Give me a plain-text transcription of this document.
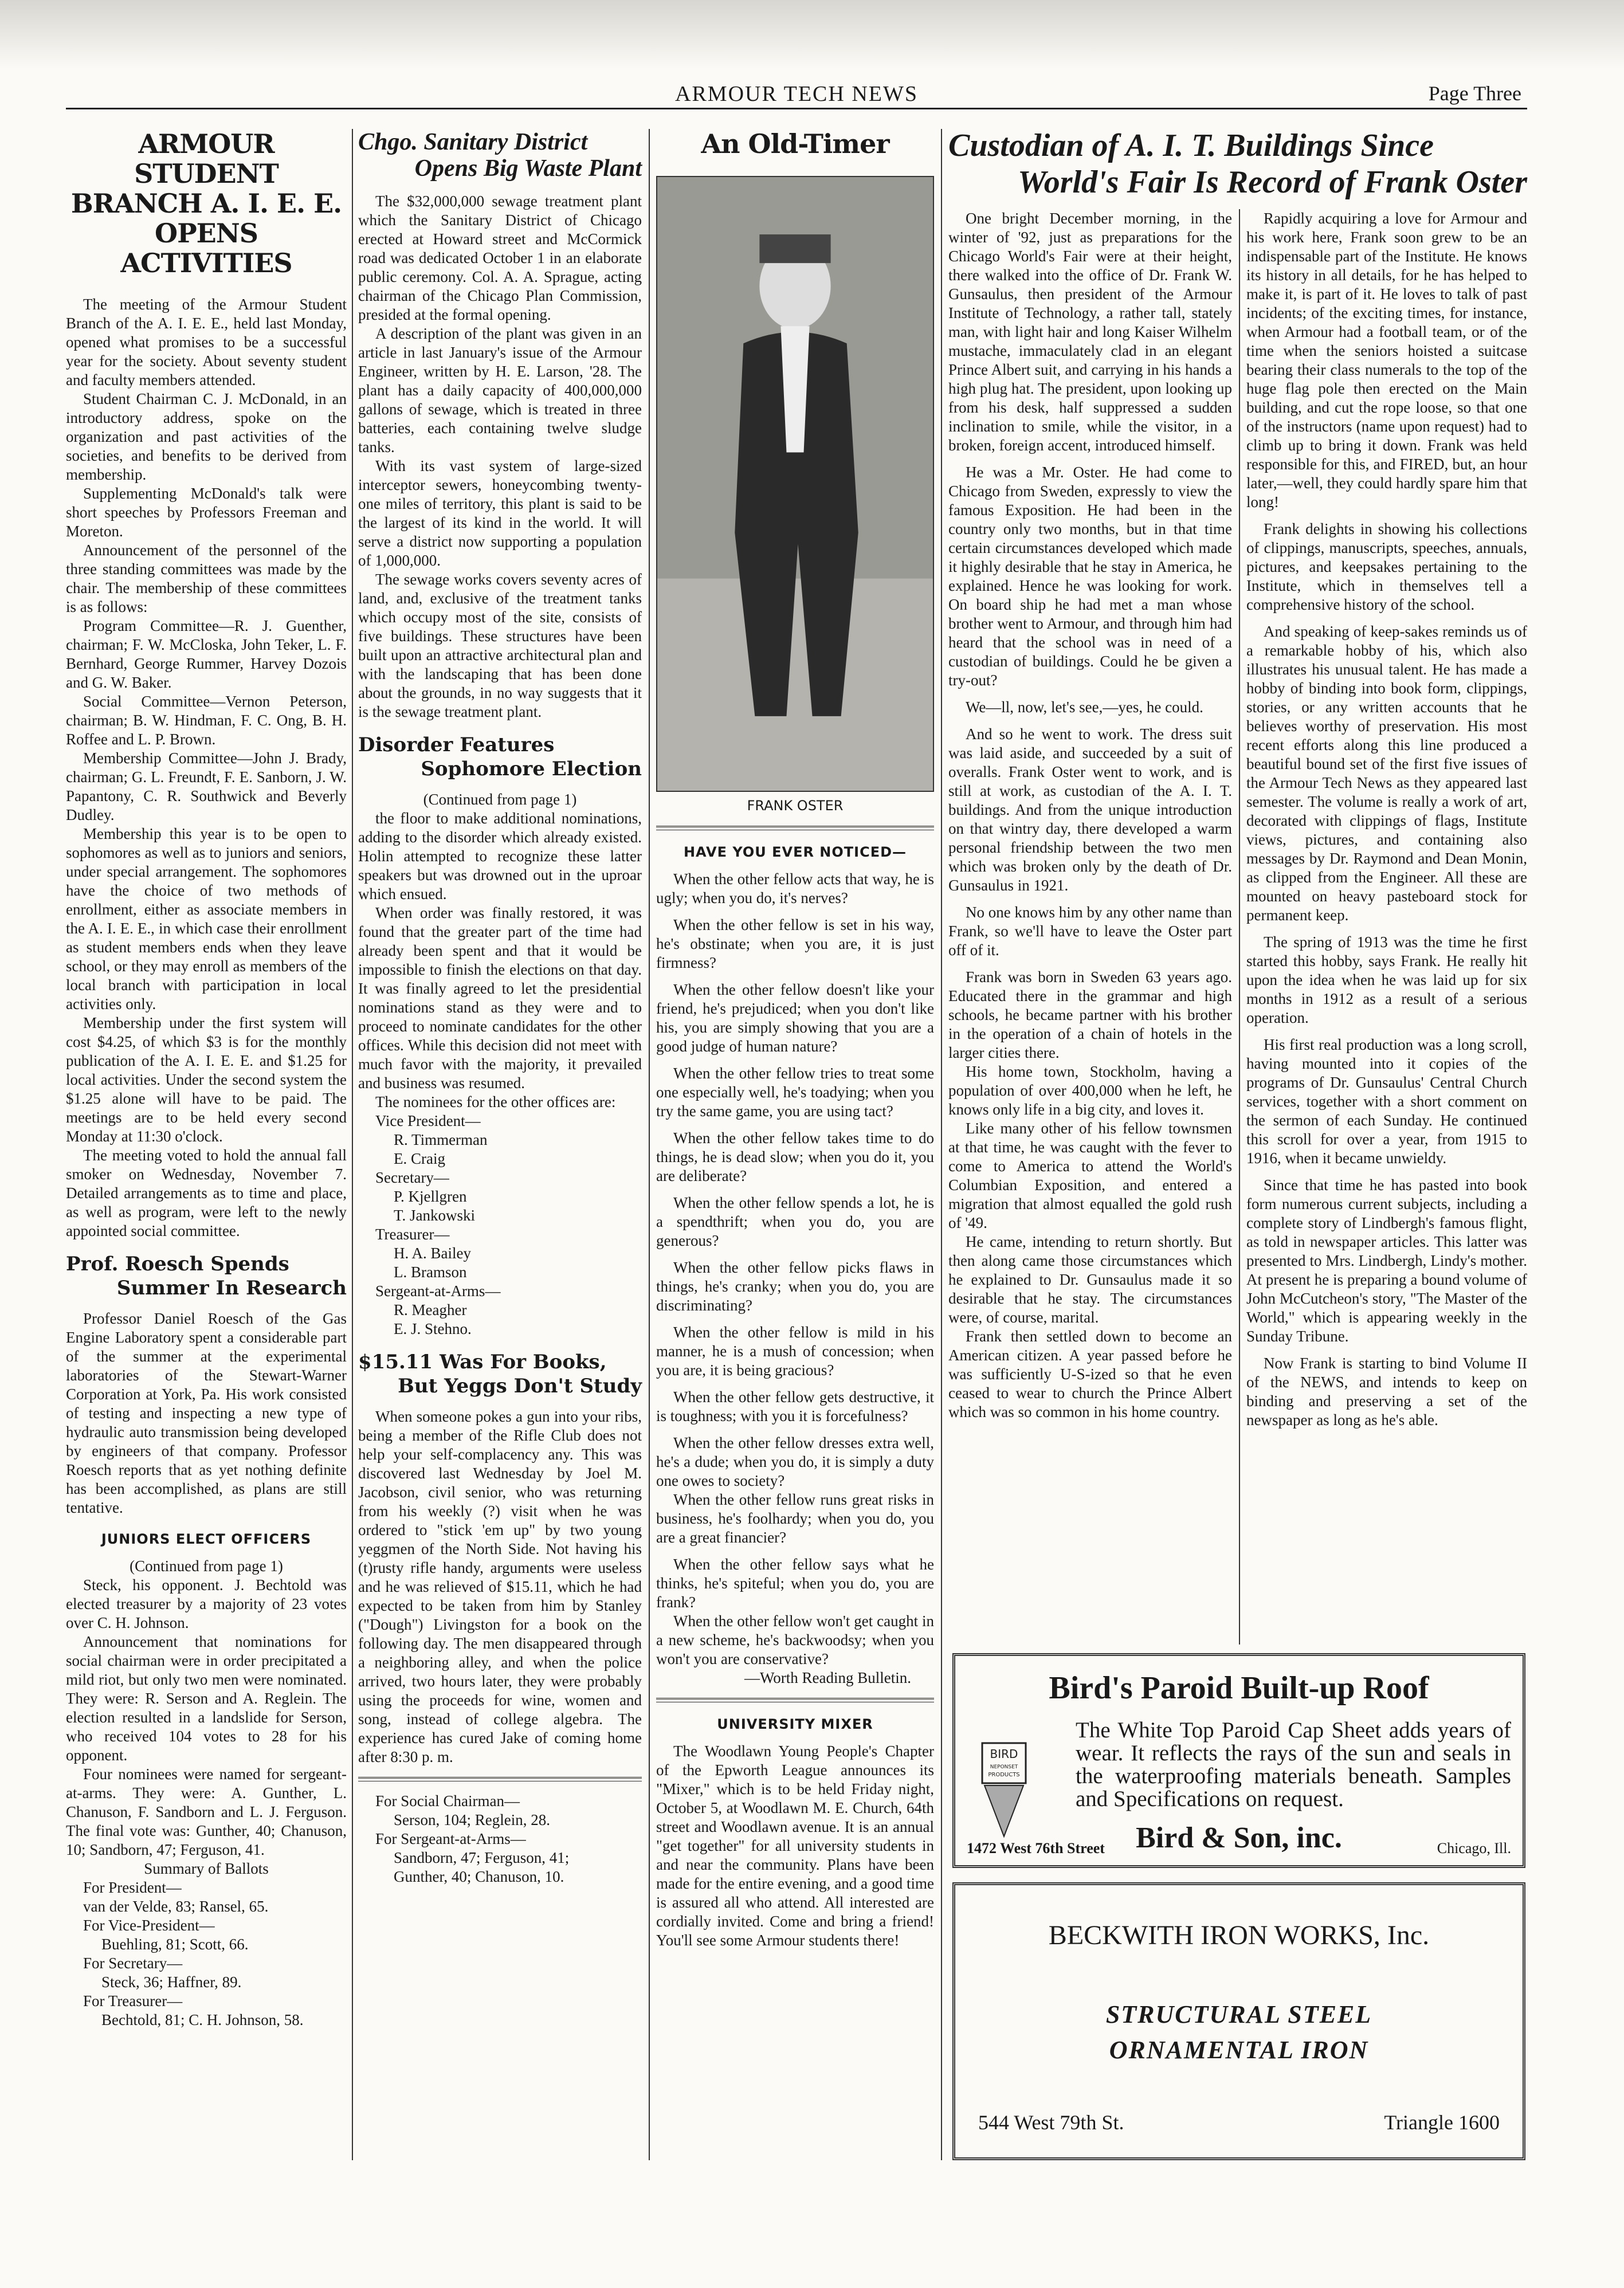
ARMOUR TECH NEWS	Page Three
ARMOUR STUDENT BRANCH A. I. E. E. OPENS ACTIVITIES

The meeting of the Armour Student Branch of the A. I. E. E., held last Monday, opened what promises to be a successful year for the society. About seventy student and faculty members attended.

Student Chairman C. J. McDonald, in an introductory address, spoke on the organization and past activities of the societies, and benefits to be derived from membership.

Supplementing McDonald's talk were short speeches by Professors Freeman and Moreton.

Announcement of the personnel of the three standing committees was made by the chair. The membership of these committees is as follows:

Program Committee—R. J. Guenther, chairman; F. W. McCloska, John Teker, L. F. Bernhard, George Rummer, Harvey Dozois and G. W. Baker.

Social Committee—Vernon Peterson, chairman; B. W. Hindman, F. C. Ong, B. H. Roffee and L. P. Brown.

Membership Committee—John J. Brady, chairman; G. L. Freundt, F. E. Sanborn, J. W. Papantony, C. R. Southwick and Beverly Dudley.

Membership this year is to be open to sophomores as well as to juniors and seniors, under special arrangement. The sophomores have the choice of two methods of enrollment, either as associate members in the A. I. E. E., in which case their enrollment as student members ends when they leave school, or they may enroll as members of the local branch with participation in local activities only.

Membership under the first system will cost $4.25, of which $3 is for the monthly publication of the A. I. E. E. and $1.25 for local activities. Under the second system the $1.25 alone will have to be paid. The meetings are to be held every second Monday at 11:30 o'clock.

The meeting voted to hold the annual fall smoker on Wednesday, November 7. Detailed arrangements as to time and place, as well as program, were left to the newly appointed social committee.

Prof. Roesch Spends
Summer In Research

Professor Daniel Roesch of the Gas Engine Laboratory spent a considerable part of the summer at the experimental laboratories of the Stewart-Warner Corporation at York, Pa. His work consisted of testing and inspecting a new type of hydraulic auto transmission being developed by engineers of that company. Professor Roesch reports that as yet nothing definite has been accomplished, as plans are still tentative.

JUNIORS ELECT OFFICERS

(Continued from page 1)

Steck, his opponent. J. Bechtold was elected treasurer by a majority of 23 votes over C. H. Johnson.

Announcement that nominations for social chairman were in order precipitated a mild riot, but only two men were nominated. They were: R. Serson and A. Reglein. The election resulted in a landslide for Serson, who received 104 votes to 28 for his opponent.

Four nominees were named for sergeant-at-arms. They were: A. Gunther, L. Chanuson, F. Sandborn and L. J. Ferguson. The final vote was: Gunther, 40; Chanuson, 10; Sandborn, 47; Ferguson, 41.

Summary of Ballots

For President—

van der Velde, 83; Ransel, 65.

For Vice-President—

Buehling, 81; Scott, 66.

For Secretary—

Steck, 36; Haffner, 89.

For Treasurer—

Bechtold, 81; C. H. Johnson, 58.

Chgo. Sanitary District
Opens Big Waste Plant

The $32,000,000 sewage treatment plant which the Sanitary District of Chicago erected at Howard street and McCormick road was dedicated October 1 in an elaborate public ceremony. Col. A. A. Sprague, acting chairman of the Chicago Plan Commission, presided at the formal opening.

A description of the plant was given in an article in last January's issue of the Armour Engineer, written by H. E. Larson, '28. The plant has a daily capacity of 400,000,000 gallons of sewage, which is treated in three batteries, each containing twelve sludge tanks.

With its vast system of large-sized interceptor sewers, honeycombing twenty-one miles of territory, this plant is said to be the largest of its kind in the world. It will serve a district now supporting a population of 1,000,000.

The sewage works covers seventy acres of land, and, exclusive of the treatment tanks which occupy most of the site, consists of five buildings. These structures have been built upon an attractive architectural plan and with the landscaping that has been done about the grounds, in no way suggests that it is the sewage treatment plant.

Disorder Features
Sophomore Election

(Continued from page 1)

the floor to make additional nominations, adding to the disorder which already existed. Holin attempted to recognize these latter speakers but was drowned out in the uproar which ensued.

When order was finally restored, it was found that the greater part of the time had already been spent and that it would be impossible to finish the elections on that day. It was finally agreed to let the presidential nominations stand as they were and to proceed to nominate candidates for the other offices. While this decision did not meet with much favor with the majority, it prevailed and business was resumed.

The nominees for the other offices are:

Vice President—

R. Timmerman

E. Craig

Secretary—

P. Kjellgren

T. Jankowski

Treasurer—

H. A. Bailey

L. Bramson

Sergeant-at-Arms—

R. Meagher

E. J. Stehno.

$15.11 Was For Books,
But Yeggs Don't Study

When someone pokes a gun into your ribs, being a member of the Rifle Club does not help your self-complacency any. This was discovered last Wednesday by Joel M. Jacobson, civil senior, who was returning from his weekly (?) visit when he was ordered to "stick 'em up" by two young yeggmen of the North Side. Not having his (t)rusty rifle handy, arguments were useless and he was relieved of $15.11, which he had expected to be taken from him by Stanley ("Dough") Livingston for a book on the following day. The men disappeared through a neighboring alley, and when the police arrived, two hours later, they were probably using the proceeds for wine, women and song, instead of college algebra. The experience has cured Jake of coming home after 8:30 p. m.

For Social Chairman—

Serson, 104; Reglein, 28.

For Sergeant-at-Arms—

Sandborn, 47; Ferguson, 41;

Gunther, 40; Chanuson, 10.

An Old-Timer
FRANK OSTER
HAVE YOU EVER NOTICED—

When the other fellow acts that way, he is ugly; when you do, it's nerves?

When the other fellow is set in his way, he's obstinate; when you are, it is just firmness?

When the other fellow doesn't like your friend, he's prejudiced; when you don't like his, you are simply showing that you are a good judge of human nature?

When the other fellow tries to treat some one especially well, he's toadying; when you try the same game, you are using tact?

When the other fellow takes time to do things, he is dead slow; when you do it, you are deliberate?

When the other fellow spends a lot, he is a spendthrift; when you do, you are generous?

When the other fellow picks flaws in things, he's cranky; when you do, you are discriminating?

When the other fellow is mild in his manner, he is a mush of concession; when you are, it is being gracious?

When the other fellow gets destructive, it is toughness; with you it is forcefulness?

When the other fellow dresses extra well, he's a dude; when you do, it is simply a duty one owes to society?

When the other fellow runs great risks in business, he's foolhardy; when you do, you are a great financier?

When the other fellow says what he thinks, he's spiteful; when you do, you are frank?

When the other fellow won't get caught in a new scheme, he's backwoodsy; when you won't you are conservative?

—Worth Reading Bulletin.

UNIVERSITY MIXER

The Woodlawn Young People's Chapter of the Epworth League announces its "Mixer," which is to be held Friday night, October 5, at Woodlawn M. E. Church, 64th street and Woodlawn avenue. It is an annual "get together" for all university students in and near the community. Plans have been made for the entire evening, and a good time is assured all who attend. All interested are cordially invited. Come and bring a friend! You'll see some Armour students there!

Custodian of A. I. T. Buildings Since
World's Fair Is Record of Frank Oster

One bright December morning, in the winter of '92, just as preparations for the Chicago World's Fair were at their height, there walked into the office of Dr. Frank W. Gunsaulus, then president of the Armour Institute of Technology, a rather tall, stately man, with light hair and long Kaiser Wilhelm mustache, immaculately clad in an elegant Prince Albert suit, and carrying in his hands a high plug hat. The president, upon looking up from his desk, half suppressed a sudden inclination to smile, while the visitor, in a broken, foreign accent, introduced himself.

He was a Mr. Oster. He had come to Chicago from Sweden, expressly to view the famous Exposition. He had been in the country only two months, but in that time certain circumstances developed which made it highly desirable that he stay in America, he explained. Hence he was looking for work. On board ship he had met a man whose brother went to Armour, and through him had heard that the school was in need of a custodian of buildings. Could he be given a try-out?

We—ll, now, let's see,—yes, he could.

And so he went to work. The dress suit was laid aside, and succeeded by a suit of overalls. Frank Oster went to work, and is still at work, as custodian of the A. I. T. buildings. And from the unique introduction on that wintry day, there developed a warm personal friendship between the two men which was broken only by the death of Dr. Gunsaulus in 1921.

No one knows him by any other name than Frank, so we'll have to leave the Oster part off of it.

Frank was born in Sweden 63 years ago. Educated there in the grammar and high schools, he became partner with his brother in the operation of a chain of hotels in the larger cities there.

His home town, Stockholm, having a population of over 400,000 when he left, he knows only life in a big city, and loves it.

Like many other of his fellow townsmen at that time, he was caught with the fever to come to America to attend the World's Columbian Exposition, and entered a migration that almost equalled the gold rush of '49.

He came, intending to return shortly. But then along came those circumstances which he explained to Dr. Gunsaulus made it so desirable that he stay. The circumstances were, of course, marital.

Frank then settled down to become an American citizen. A year passed before he was sufficiently U-S-ized so that he even ceased to wear to church the Prince Albert which was so common in his home country.

Rapidly acquiring a love for Armour and his work here, Frank soon grew to be an indispensable part of the Institute. He knows its history in all details, for he has helped to make it, is part of it. He loves to talk of past incidents; of the exciting times, for instance, when Armour had a football team, or of the time when the seniors hoisted a suitcase bearing their class numerals to the top of the huge flag pole then erected on the Main building, and cut the rope loose, so that one of the instructors (name upon request) had to climb up to bring it down. Frank was held responsible for this, and FIRED, but, an hour later,—well, they could hardly spare him that long!

Frank delights in showing his collections of clippings, manuscripts, speeches, annuals, pictures, and keepsakes pertaining to the Institute, which in themselves tell a comprehensive history of the school.

And speaking of keep-sakes reminds us of a remarkable hobby of his, which also illustrates his unusual talent. He has made a hobby of binding into book form, clippings, stories, or any written accounts that he believes worthy of preservation. His most recent efforts along this line produced a beautiful bound set of the first five issues of the Armour Tech News as they appeared last semester. The volume is really a work of art, decorated with clippings of flags, Institute views, pictures, and containing also messages by Dr. Raymond and Dean Monin, as clipped from the Engineer. All these are mounted on heavy pasteboard stock for permanent keep.

The spring of 1913 was the time he first started this hobby, says Frank. He really hit upon the idea when he was laid up for six months in 1912 as a result of a serious operation.

His first real production was a long scroll, having mounted into it copies of the programs of Dr. Gunsaulus' Central Church services, together with a short comment on the sermon of each Sunday. He continued this scroll for over a year, from 1915 to 1916, when it became unwieldy.

Since that time he has pasted into book form numerous current subjects, including a complete story of Lindbergh's famous flight, as told in newspaper articles. This latter was presented to Mrs. Lindbergh, Lindy's mother. At present he is preparing a bound volume of John McCutcheon's story, "The Master of the World," which is appearing weekly in the Sunday Tribune.

Now Frank is starting to bind Volume II of the NEWS, and intends to keep on binding and preserving a set of the newspaper as long as he's able.

Bird's Paroid Built-up Roof
BIRD
NEPONSET
PRODUCTS
The White Top Paroid Cap Sheet adds years of wear. It reflects the rays of the sun and seals in the waterproofing materials beneath. Samples and Specifications on request.
Bird & Son, inc.
1472 West 76th Street	Chicago, Ill.
BECKWITH IRON WORKS, Inc.
STRUCTURAL STEEL
ORNAMENTAL IRON
544 West 79th St.	Triangle 1600
